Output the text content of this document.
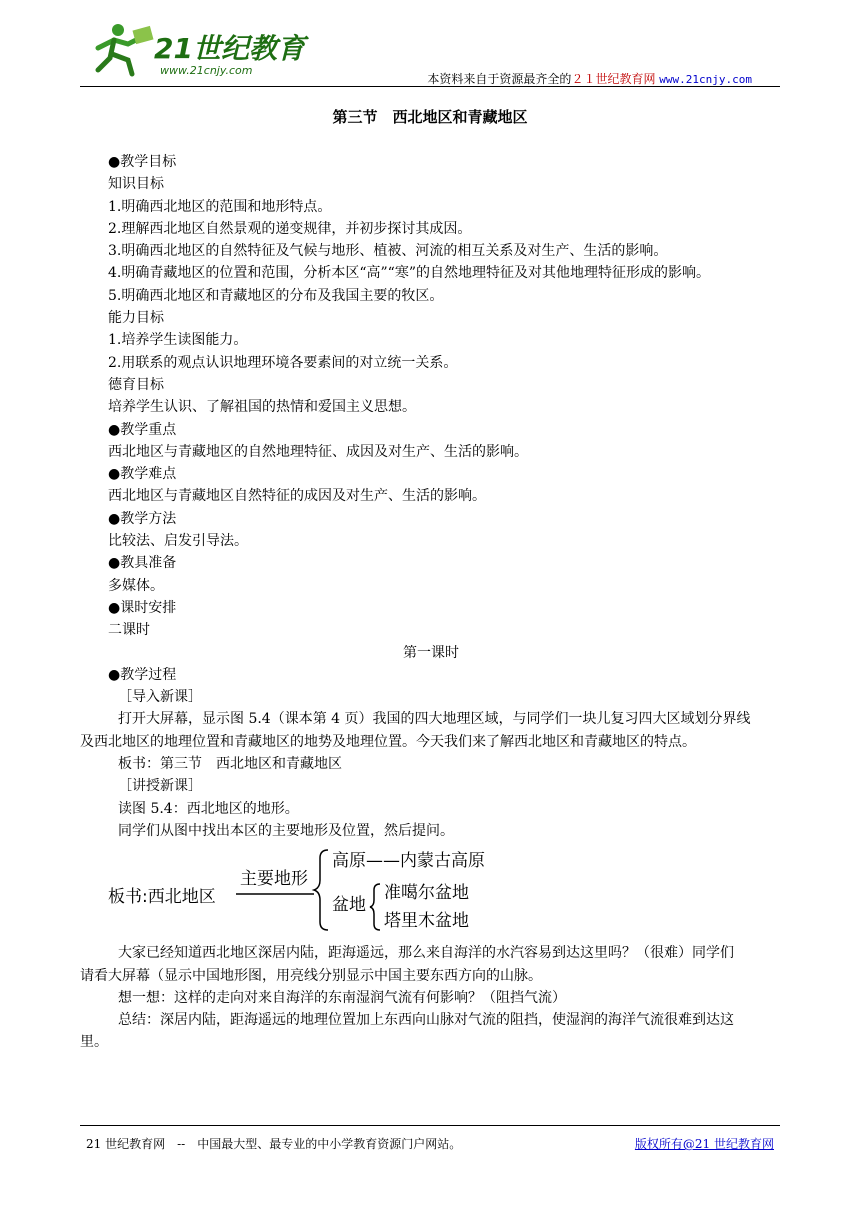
21世纪教育
www.21cnjy.com
本资料来自于资源最齐全的２１世纪教育网 www.21cnjy.com
第三节　西北地区和青藏地区
●教学目标
知识目标
1.明确西北地区的范围和地形特点。
2.理解西北地区自然景观的递变规律，并初步探讨其成因。
3.明确西北地区的自然特征及气候与地形、植被、河流的相互关系及对生产、生活的影响。
4.明确青藏地区的位置和范围，分析本区“高”“寒”的自然地理特征及对其他地理特征形成的影响。
5.明确西北地区和青藏地区的分布及我国主要的牧区。
能力目标
1.培养学生读图能力。
2.用联系的观点认识地理环境各要素间的对立统一关系。
德育目标
培养学生认识、了解祖国的热情和爱国主义思想。
●教学重点
西北地区与青藏地区的自然地理特征、成因及对生产、生活的影响。
●教学难点
西北地区与青藏地区自然特征的成因及对生产、生活的影响。
●教学方法
比较法、启发引导法。
●教具准备
多媒体。
●课时安排
二课时
第一课时
●教学过程
［导入新课］
打开大屏幕，显示图 5.4（课本第 4 页）我国的四大地理区域，与同学们一块儿复习四大区域划分界线
及西北地区的地理位置和青藏地区的地势及地理位置。今天我们来了解西北地区和青藏地区的特点。
板书：第三节　西北地区和青藏地区
［讲授新课］
读图 5.4：西北地区的地形。
同学们从图中找出本区的主要地形及位置，然后提问。
板书:西北地区
主要地形
高原——内蒙古高原
盆地
准噶尔盆地
塔里木盆地
大家已经知道西北地区深居内陆，距海遥远，那么来自海洋的水汽容易到达这里吗？（很难）同学们
请看大屏幕（显示中国地形图，用亮线分别显示中国主要东西方向的山脉。
想一想：这样的走向对来自海洋的东南湿润气流有何影响？（阻挡气流）
总结：深居内陆，距海遥远的地理位置加上东西向山脉对气流的阻挡，使湿润的海洋气流很难到达这
里。
21 世纪教育网　--　中国最大型、最专业的中小学教育资源门户网站。	版权所有@21 世纪教育网
